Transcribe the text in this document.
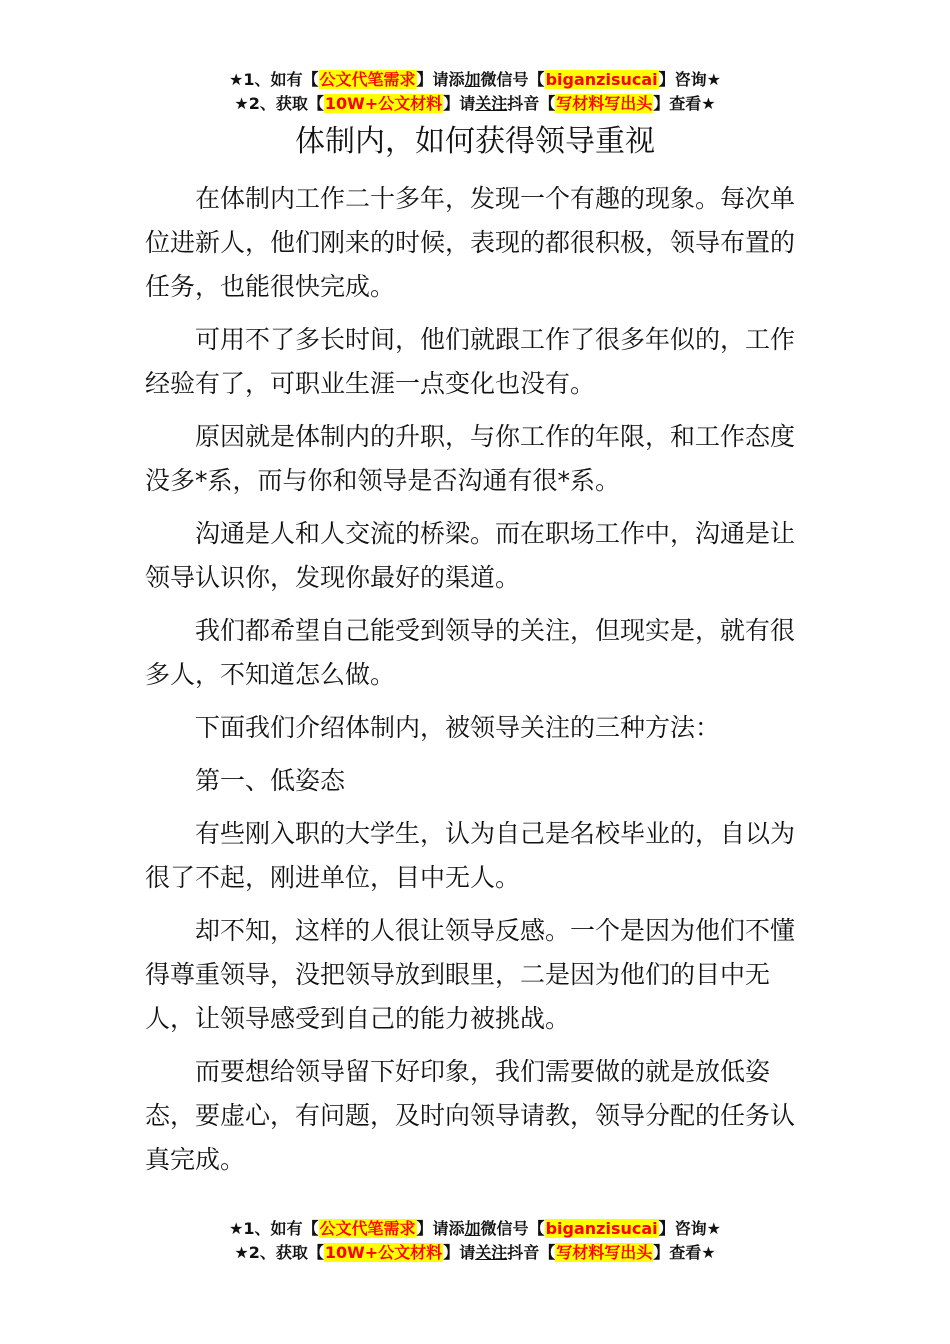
★1、如有【公文代笔需求】请添加微信号【biganzisucai】咨询★
★2、获取【10W+公文材料】请关注抖音【写材料写出头】查看★
体制内，如何获得领导重视

在体制内工作二十多年，发现一个有趣的现象。每次单位进新人，他们刚来的时候，表现的都很积极，领导布置的任务，也能很快完成。

可用不了多长时间，他们就跟工作了很多年似的，工作经验有了，可职业生涯一点变化也没有。

原因就是体制内的升职，与你工作的年限，和工作态度没多*系，而与你和领导是否沟通有很*系。

沟通是人和人交流的桥梁。而在职场工作中，沟通是让领导认识你，发现你最好的渠道。

我们都希望自己能受到领导的关注，但现实是，就有很多人，不知道怎么做。

下面我们介绍体制内，被领导关注的三种方法：

第一、低姿态

有些刚入职的大学生，认为自己是名校毕业的，自以为很了不起，刚进单位，目中无人。

却不知，这样的人很让领导反感。一个是因为他们不懂得尊重领导，没把领导放到眼里，二是因为他们的目中无人，让领导感受到自己的能力被挑战。

而要想给领导留下好印象，我们需要做的就是放低姿态，要虚心，有问题，及时向领导请教，领导分配的任务认真完成。

★1、如有【公文代笔需求】请添加微信号【biganzisucai】咨询★
★2、获取【10W+公文材料】请关注抖音【写材料写出头】查看★
